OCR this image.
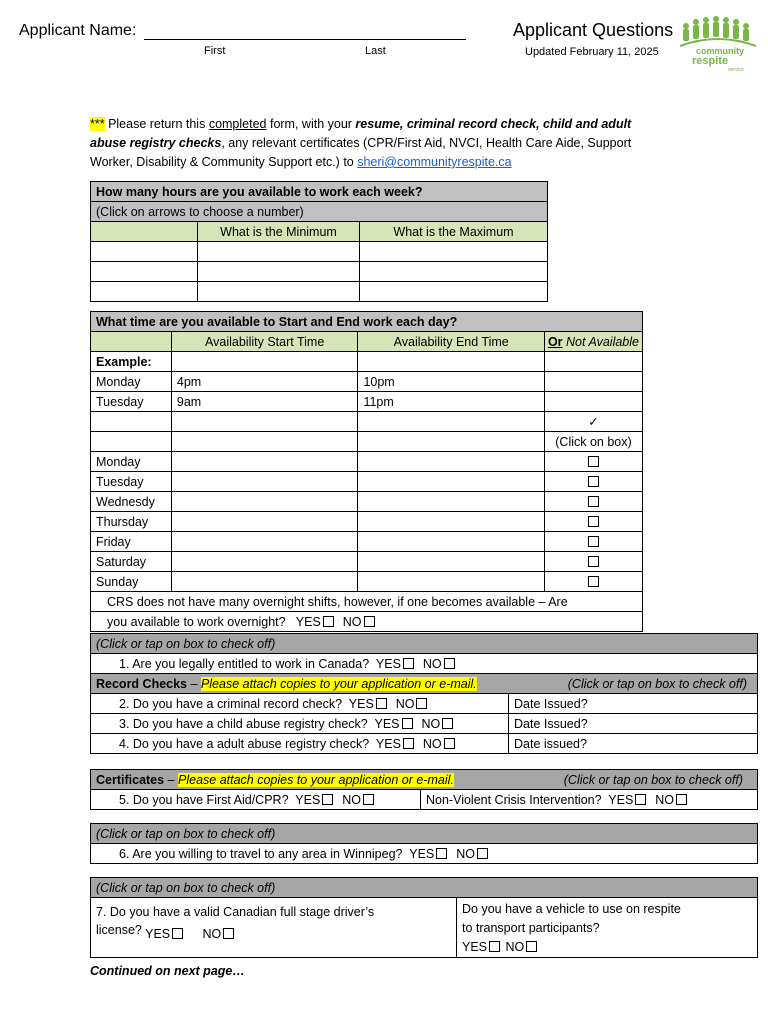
Applicant Name:
First	Last
Applicant Questions
Updated February 11, 2025	community
respite
service
*** Please return this completed form, with your resume, criminal record check, child and adult abuse registry checks, any relevant certificates (CPR/First Aid, NVCI, Health Care Aide, Support Worker, Disability & Community Support etc.) to sheri@communityrespite.ca
How many hours are you available to work each week?		
(Click on arrows to choose a number)		
	What is the Minimum	What is the Maximum

What time are you available to Start and End work each day?			
	Availability Start Time	Availability End Time	Or Not Available
Example:			
Monday	4pm	10pm	
Tuesday	9am	11pm	
			✓
			(Click on box)
Monday			
Tuesday			
Wednesdy			
Thursday			
Friday			
Saturday			
Sunday			
CRS does not have many overnight shifts, however, if one becomes available – Are			
you available to work overnight? YES NO			
(Click or tap on box to check off)	
1. Are you legally entitled to work in Canada? YES NO	
Record Checks – Please attach copies to your application or e-mail. (Click or tap on box to check off)	

2. Do you have a criminal record check? YES NO	Date Issued?
3. Do you have a child abuse registry check? YES NO	Date Issued?
4. Do you have a adult abuse registry check? YES NO	Date issued?
Certificates – Please attach copies to your application or e-mail.	(Click or tap on box to check off)

5. Do you have First Aid/CPR? YES NO	Non-Violent Crisis Intervention? YES NO
(Click or tap on box to check off)
6. Are you willing to travel to any area in Winnipeg? YES NO
(Click or tap on box to check off)

7. Do you have a valid Canadian full stage driver’s
license? YES	NO

Do you have a vehicle to use on respite
to transport participants?
YES NO
Continued on next page…
